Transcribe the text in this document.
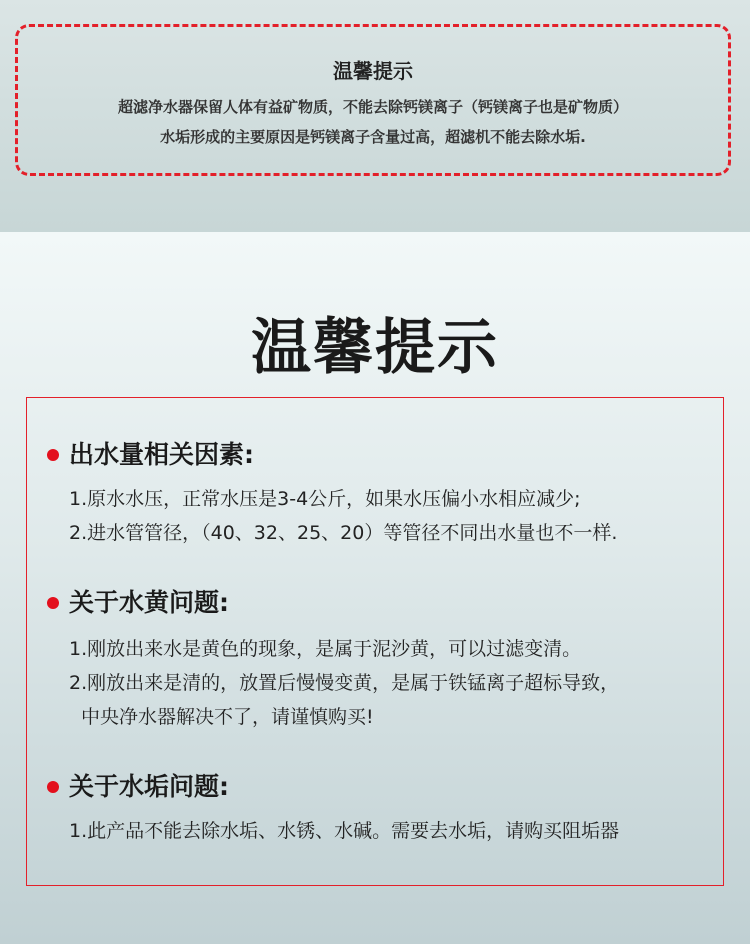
温馨提示
超滤净水器保留人体有益矿物质，不能去除钙镁离子（钙镁离子也是矿物质）
水垢形成的主要原因是钙镁离子含量过高，超滤机不能去除水垢.
温馨提示
出水量相关因素:
1.原水水压，正常水压是3-4公斤，如果水压偏小水相应减少;
2.进水管管径，（40、32、25、20）等管径不同出水量也不一样.
关于水黄问题:
1.刚放出来水是黄色的现象，是属于泥沙黄，可以过滤变清。
2.刚放出来是清的，放置后慢慢变黄，是属于铁锰离子超标导致，
中央净水器解决不了，请谨慎购买!
关于水垢问题:
1.此产品不能去除水垢、水锈、水碱。需要去水垢，请购买阻垢器
